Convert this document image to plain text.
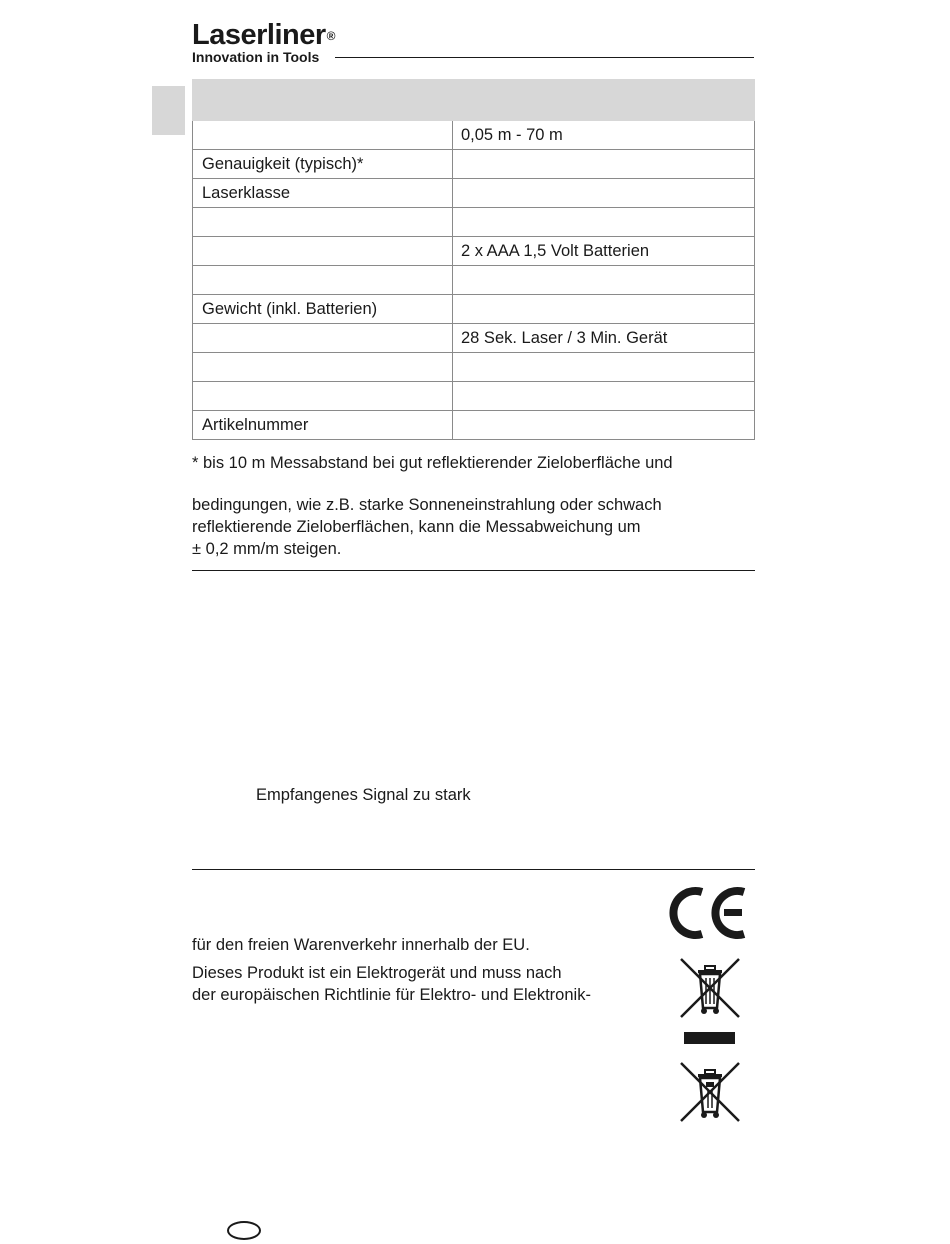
Laserliner®
Innovation in Tools
0,05 m - 70 m
Genauigkeit (typisch)*
Laserklasse
2 x AAA 1,5 Volt Batterien
Gewicht (inkl. Batterien)
28 Sek. Laser / 3 Min. Gerät
Artikelnummer

* bis 10 m Messabstand bei gut reflektierender Zieloberfläche und

bedingungen, wie z.B. starke Sonneneinstrahlung oder schwach

reflektierende Zieloberflächen, kann die Messabweichung um

± 0,2 mm/m steigen.

Empfangenes Signal zu stark

für den freien Warenverkehr innerhalb der EU.

Dieses Produkt ist ein Elektrogerät und muss nach

der europäischen Richtlinie für Elektro- und Elektronik-
